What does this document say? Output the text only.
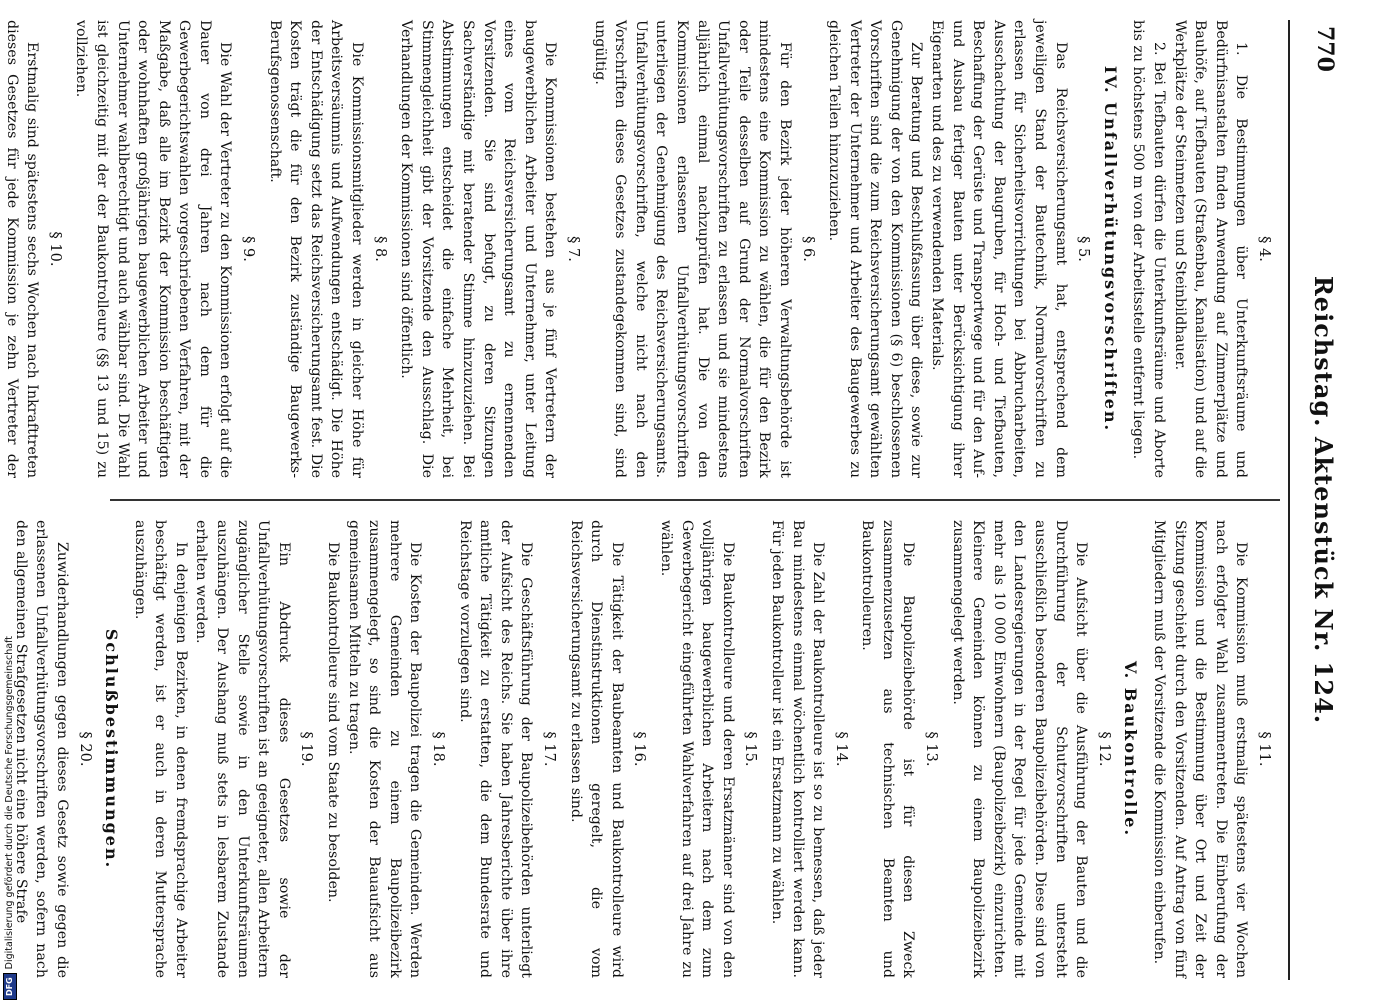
770
Reichstag. Aktenstück Nr. 124.
§ 4.

1. Die Bestimmungen über Unterkunftsräume und Bedürfnisanstalten finden Anwendung auf Zimmerplätze und Bauhöfe, auf Tiefbauten (Straßenbau, Kanalisation) und auf die Werkplätze der Steinmetzen und Steinbildhauer.

2. Bei Tiefbauten dürfen die Unterkunftsräume und Aborte bis zu höchstens 500 m von der Arbeitsstelle entfernt liegen.

IV. Unfallverhütungsvorschriften.
§ 5.

Das Reichsversicherungsamt hat, entsprechend dem jeweiligen Stand der Bautechnik, Normalvorschriften zu erlassen für Sicherheitsvorrichtungen bei Abbrucharbeiten, Ausschachtung der Baugruben, für Hoch- und Tiefbauten, Beschaffung der Gerüste und Transportwege und für den Auf- und Ausbau fertiger Bauten unter Berücksichtigung ihrer Eigenarten und des zu verwendenden Materials.

Zur Beratung und Beschlußfassung über diese, sowie zur Genehmigung der von den Kommissionen (§ 6) beschlossenen Vorschriften sind die zum Reichsversicherungsamt gewählten Vertreter der Unternehmer und Arbeiter des Baugewerbes zu gleichen Teilen hinzuzuziehen.

§ 6.

Für den Bezirk jeder höheren Verwaltungsbehörde ist mindestens eine Kommission zu wählen, die für den Bezirk oder Teile desselben auf Grund der Normalvorschriften Unfallverhütungsvorschriften zu erlassen und sie mindestens alljährlich einmal nachzuprüfen hat. Die von den Kommissionen erlassenen Unfallverhütungsvorschriften unterliegen der Genehmigung des Reichsversicherungsamts. Unfallverhütungsvorschriften, welche nicht nach den Vorschriften dieses Gesetzes zustandegekommen sind, sind ungültig.

§ 7.

Die Kommissionen bestehen aus je fünf Vertretern der baugewerblichen Arbeiter und Unternehmer, unter Leitung eines vom Reichsversicherungsamt zu ernennenden Vorsitzenden. Sie sind befugt, zu deren Sitzungen Sachverständige mit beratender Stimme hinzuzuziehen. Bei Abstimmungen entscheidet die einfache Mehrheit, bei Stimmengleichheit gibt der Vorsitzende den Ausschlag. Die Verhandlungen der Kommissionen sind öffentlich.

§ 8.

Die Kommissionsmitglieder werden in gleicher Höhe für Arbeitsversäumnis und Aufwendungen entschädigt. Die Höhe der Entschädigung setzt das Reichsversicherungsamt fest. Die Kosten trägt die für den Bezirk zuständige Baugewerks-Berufsgenossenschaft.

§ 9.

Die Wahl der Vertreter zu den Kommissionen erfolgt auf die Dauer von drei Jahren nach dem für die Gewerbegerichtswahlen vorgeschriebenen Verfahren, mit der Maßgabe, daß alle im Bezirk der Kommission beschäftigten oder wohnhaften großjährigen baugewerblichen Arbeiter und Unternehmer wahlberechtigt und auch wählbar sind. Die Wahl ist gleichzeitig mit der der Baukontrolleure (§§ 13 und 15) zu vollziehen.

§ 10.

Erstmalig sind spätestens sechs Wochen nach Inkrafttreten dieses Gesetzes für jede Kommission je zehn Vertreter der

§ 11.

Die Kommission muß erstmalig spätestens vier Wochen nach erfolgter Wahl zusammentreten. Die Einberufung der Kommission und die Bestimmung über Ort und Zeit der Sitzung geschieht durch den Vorsitzenden. Auf Antrag von fünf Mitgliedern muß der Vorsitzende die Kommission einberufen.

V. Baukontrolle.
§ 12.

Die Aufsicht über die Ausführung der Bauten und die Durchführung der Schutzvorschriften untersteht ausschließlich besonderen Baupolizeibehörden. Diese sind von den Landesregierungen in der Regel für jede Gemeinde mit mehr als 10 000 Einwohnern (Baupolizeibezirk) einzurichten. Kleinere Gemeinden können zu einem Baupolizeibezirk zusammengelegt werden.

§ 13.

Die Baupolizeibehörde ist für diesen Zweck zusammenzusetzen aus technischen Beamten und Baukontrolleuren.

§ 14.

Die Zahl der Baukontrolleure ist so zu bemessen, daß jeder Bau mindestens einmal wöchentlich kontrolliert werden kann. Für jeden Baukontrolleur ist ein Ersatzmann zu wählen.

§ 15.

Die Baukontrolleure und deren Ersatzmänner sind von den volljährigen baugewerblichen Arbeitern nach dem zum Gewerbegericht eingeführten Wahlverfahren auf drei Jahre zu wählen.

§ 16.

Die Tätigkeit der Baubeamten und Baukontrolleure wird durch Dienstinstruktionen geregelt, die vom Reichsversicherungsamt zu erlassen sind.

§ 17.

Die Geschäftsführung der Baupolizeibehörden unterliegt der Aufsicht des Reichs. Sie haben Jahresberichte über ihre amtliche Tätigkeit zu erstatten, die dem Bundesrate und Reichstage vorzulegen sind.

§ 18.

Die Kosten der Baupolizei tragen die Gemeinden. Werden mehrere Gemeinden zu einem Baupolizeibezirk zusammengelegt, so sind die Kosten der Bauaufsicht aus gemeinsamen Mitteln zu tragen.

Die Baukontrolleure sind vom Staate zu besolden.

§ 19.

Ein Abdruck dieses Gesetzes sowie der Unfallverhütungsvorschriften ist an geeigneter, allen Arbeitern zugänglicher Stelle sowie in den Unterkunftsräumen auszuhängen. Der Aushang muß stets in lesbarem Zustande erhalten werden.

In denjenigen Bezirken, in denen fremdsprachige Arbeiter beschäftigt werden, ist er auch in deren Muttersprache auszuhängen.

Schlußbestimmungen.
§ 20.

Zuwiderhandlungen gegen dieses Gesetz sowie gegen die erlassenen Unfallverhütungsvorschriften werden, sofern nach den allgemeinen Strafgesetzen nicht eine höhere Strafe

DFGDigitalisierung gefördert durch die Deutsche Forschungsgemeinschaft
